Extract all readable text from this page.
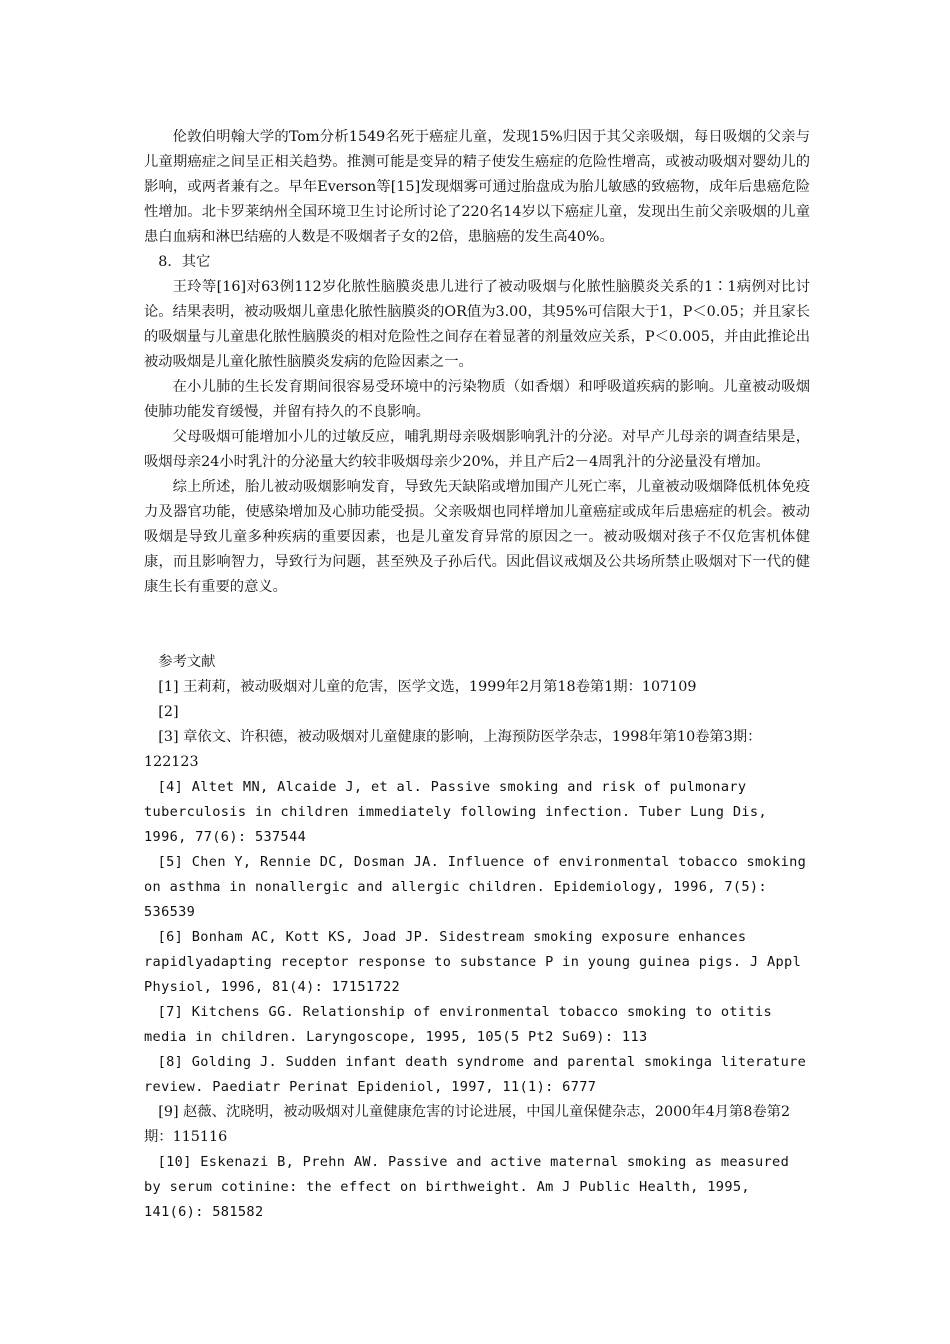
伦敦伯明翰大学的Tom分析1549名死于癌症儿童，发现15%归因于其父亲吸烟，每日吸烟的父亲与儿童期癌症之间呈正相关趋势。推测可能是变异的精子使发生癌症的危险性增高，或被动吸烟对婴幼儿的影响，或两者兼有之。早年Everson等[15]发现烟雾可通过胎盘成为胎儿敏感的致癌物，成年后患癌危险性增加。北卡罗莱纳州全国环境卫生讨论所讨论了220名14岁以下癌症儿童，发现出生前父亲吸烟的儿童患白血病和淋巴结癌的人数是不吸烟者子女的2倍，患脑癌的发生高40%。

8．其它

王玲等[16]对63例112岁化脓性脑膜炎患儿进行了被动吸烟与化脓性脑膜炎关系的1∶1病例对比讨论。结果表明，被动吸烟儿童患化脓性脑膜炎的OR值为3.00，其95%可信限大于1，P＜0.05；并且家长的吸烟量与儿童患化脓性脑膜炎的相对危险性之间存在着显著的剂量效应关系，P＜0.005，并由此推论出被动吸烟是儿童化脓性脑膜炎发病的危险因素之一。

在小儿肺的生长发育期间很容易受环境中的污染物质（如香烟）和呼吸道疾病的影响。儿童被动吸烟使肺功能发育缓慢，并留有持久的不良影响。

父母吸烟可能增加小儿的过敏反应，哺乳期母亲吸烟影响乳汁的分泌。对早产儿母亲的调查结果是，吸烟母亲24小时乳汁的分泌量大约较非吸烟母亲少20%，并且产后2－4周乳汁的分泌量没有增加。

综上所述，胎儿被动吸烟影响发育，导致先天缺陷或增加围产儿死亡率，儿童被动吸烟降低机体免疫力及器官功能，使感染增加及心肺功能受损。父亲吸烟也同样增加儿童癌症或成年后患癌症的机会。被动吸烟是导致儿童多种疾病的重要因素，也是儿童发育异常的原因之一。被动吸烟对孩子不仅危害机体健康，而且影响智力，导致行为问题，甚至殃及子孙后代。因此倡议戒烟及公共场所禁止吸烟对下一代的健康生长有重要的意义。

参考文献

[1] 王莉莉，被动吸烟对儿童的危害，医学文选，1999年2月第18卷第1期：107109

[2]

[3] 章依文、许积德，被动吸烟对儿童健康的影响，上海预防医学杂志，1998年第10卷第3期：122123

[4] Altet MN, Alcaide J, et al. Passive smoking and risk of pulmonary tuberculosis in children immediately following infection. Tuber Lung Dis, 1996, 77(6): 537544

[5] Chen Y, Rennie DC, Dosman JA. Influence of environmental tobacco smoking on asthma in nonallergic and allergic children. Epidemiology, 1996, 7(5): 536539

[6] Bonham AC, Kott KS, Joad JP. Sidestream smoking exposure enhances rapidlyadapting receptor response to substance P in young guinea pigs. J Appl Physiol, 1996, 81(4): 17151722

[7] Kitchens GG. Relationship of environmental tobacco smoking to otitis media in children. Laryngoscope, 1995, 105(5 Pt2 Su69): 113

[8] Golding J. Sudden infant death syndrome and parental smokinga literature review. Paediatr Perinat Epideniol, 1997, 11(1): 6777

[9] 赵薇、沈晓明，被动吸烟对儿童健康危害的讨论进展，中国儿童保健杂志，2000年4月第8卷第2期：115116

[10] Eskenazi B, Prehn AW. Passive and active maternal smoking as measured by serum cotinine: the effect on birthweight. Am J Public Health, 1995, 141(6): 581582
